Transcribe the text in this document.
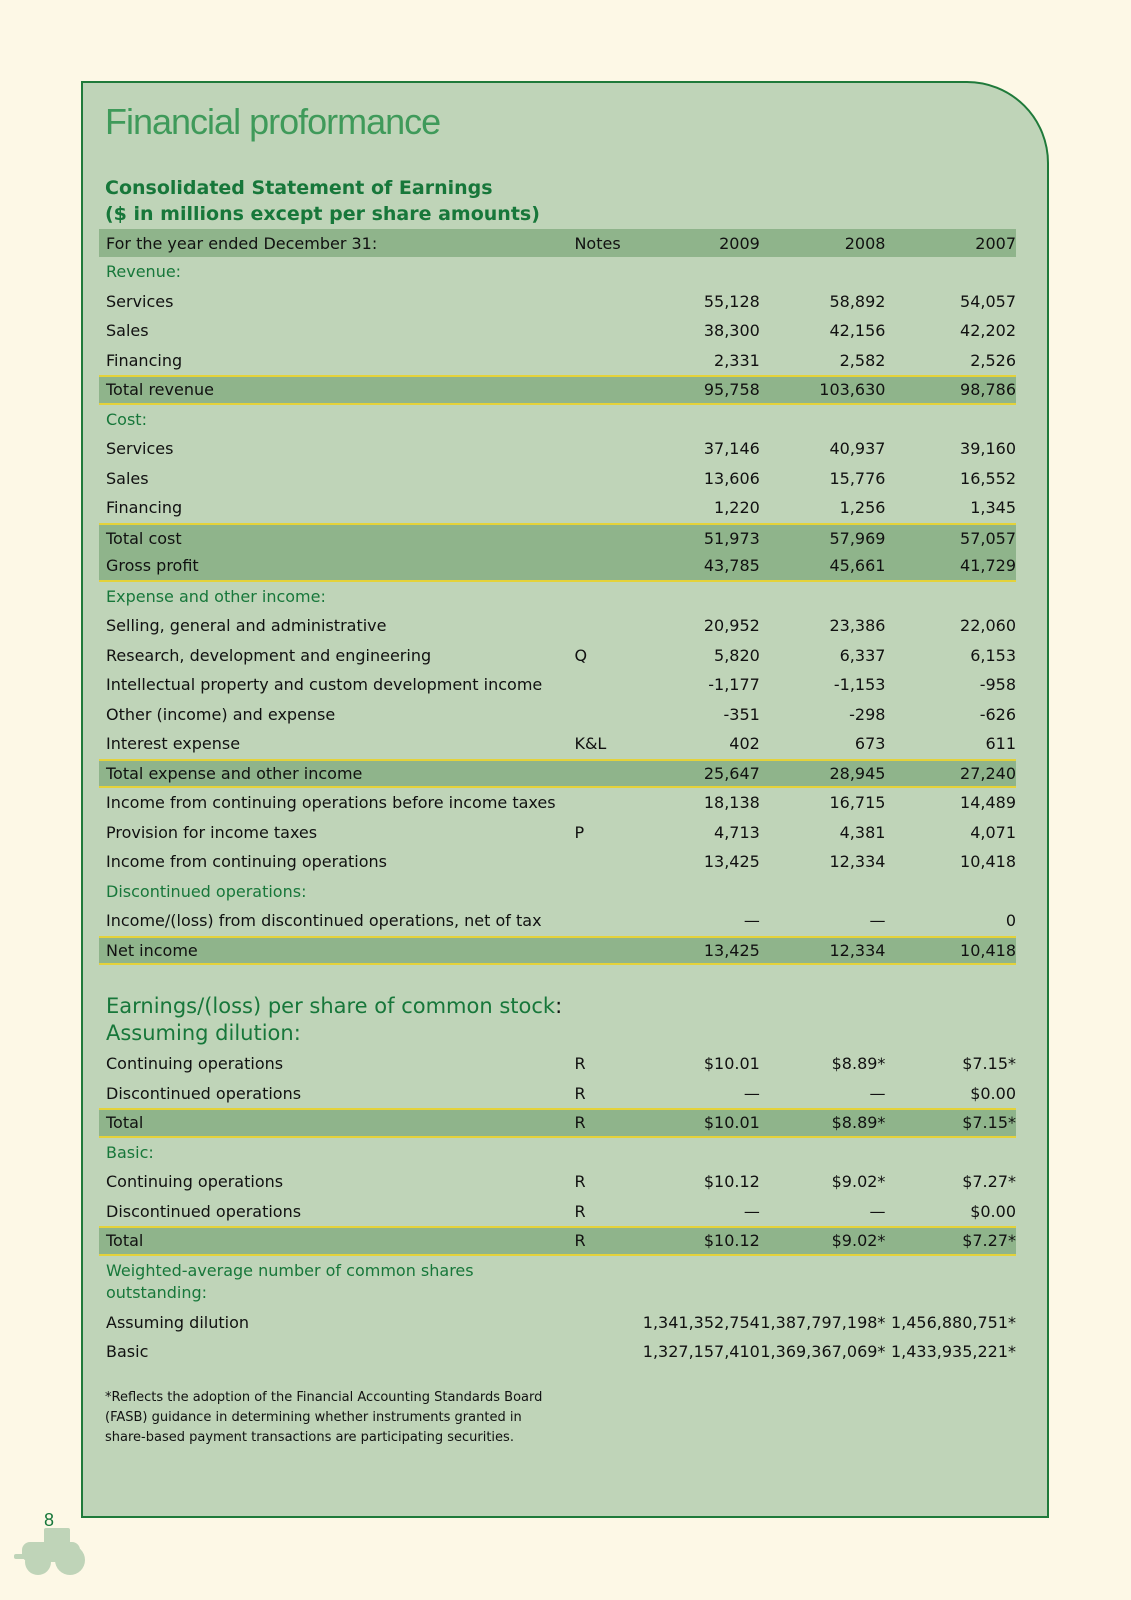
Financial proformance
Consolidated Statement of Earnings
($ in millions except per share amounts)
For the year ended December 31:	Notes	2009	2008	2007
Revenue:
Services	55,128	58,892	54,057
Sales	38,300	42,156	42,202
Financing	2,331	2,582	2,526
Total revenue	95,758	103,630	98,786
Cost:
Services	37,146	40,937	39,160
Sales	13,606	15,776	16,552
Financing	1,220	1,256	1,345
Total cost	51,973	57,969	57,057
Gross profit	43,785	45,661	41,729
Expense and other income:
Selling, general and administrative	20,952	23,386	22,060
Research, development and engineering	Q	5,820	6,337	6,153
Intellectual property and custom development income	-1,177	-1,153	-958
Other (income) and expense	-351	-298	-626
Interest expense	K&L	402	673	611
Total expense and other income	25,647	28,945	27,240
Income from continuing operations before income taxes	18,138	16,715	14,489
Provision for income taxes	P	4,713	4,381	4,071
Income from continuing operations	13,425	12,334	10,418
Discontinued operations:
Income/(loss) from discontinued operations, net of tax	—	—	0
Net income	13,425	12,334	10,418
Earnings/(loss) per share of common stock:
Assuming dilution:
Continuing operations	R	$10.01	$8.89*	$7.15*
Discontinued operations	R	—	—	$0.00
Total	R	$10.01	$8.89*	$7.15*
Basic:
Continuing operations	R	$10.12	$9.02*	$7.27*
Discontinued operations	R	—	—	$0.00
Total	R	$10.12	$9.02*	$7.27*
Weighted-average number of common shares outstanding:
Assuming dilution	1,341,352,754 1,387,797,198* 1,456,880,751*
Basic	1,327,157,410 1,369,367,069* 1,433,935,221*
*Reflects the adoption of the Financial Accounting Standards Board (FASB) guidance in determining whether instruments granted in share-based payment transactions are participating securities.
8
